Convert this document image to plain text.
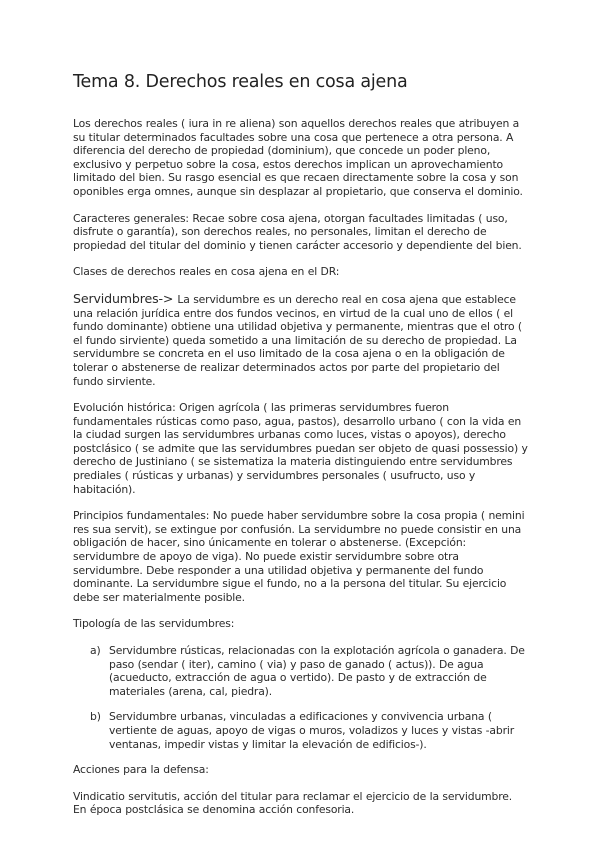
Tema 8. Derechos reales en cosa ajena

Los derechos reales ( iura in re aliena) son aquellos derechos reales que atribuyen a su titular determinados facultades sobre una cosa que pertenece a otra persona. A diferencia del derecho de propiedad (dominium), que concede un poder pleno, exclusivo y perpetuo sobre la cosa, estos derechos implican un aprovechamiento limitado del bien. Su rasgo esencial es que recaen directamente sobre la cosa y son oponibles erga omnes, aunque sin desplazar al propietario, que conserva el dominio.

Caracteres generales: Recae sobre cosa ajena, otorgan facultades limitadas ( uso, disfrute o garantía), son derechos reales, no personales, limitan el derecho de propiedad del titular del dominio y tienen carácter accesorio y dependiente del bien.

Clases de derechos reales en cosa ajena en el DR:

Servidumbres-> La servidumbre es un derecho real en cosa ajena que establece una relación jurídica entre dos fundos vecinos, en virtud de la cual uno de ellos ( el fundo dominante) obtiene una utilidad objetiva y permanente, mientras que el otro ( el fundo sirviente) queda sometido a una limitación de su derecho de propiedad. La servidumbre se concreta en el uso limitado de la cosa ajena o en la obligación de tolerar o abstenerse de realizar determinados actos por parte del propietario del fundo sirviente.

Evolución histórica: Origen agrícola ( las primeras servidumbres fueron fundamentales rústicas como paso, agua, pastos), desarrollo urbano ( con la vida en la ciudad surgen las servidumbres urbanas como luces, vistas o apoyos), derecho postclásico ( se admite que las servidumbres puedan ser objeto de quasi possessio) y derecho de Justiniano ( se sistematiza la materia distinguiendo entre servidumbres prediales ( rústicas y urbanas) y servidumbres personales ( usufructo, uso y habitación).

Principios fundamentales: No puede haber servidumbre sobre la cosa propia ( nemini res sua servit), se extingue por confusión. La servidumbre no puede consistir en una obligación de hacer, sino únicamente en tolerar o abstenerse. (Excepción: servidumbre de apoyo de viga). No puede existir servidumbre sobre otra servidumbre. Debe responder a una utilidad objetiva y permanente del fundo dominante. La servidumbre sigue el fundo, no a la persona del titular. Su ejercicio debe ser materialmente posible.

Tipología de las servidumbres:

a) Servidumbre rústicas, relacionadas con la explotación agrícola o ganadera. De paso (sendar ( iter), camino ( via) y paso de ganado ( actus)). De agua (acueducto, extracción de agua o vertido). De pasto y de extracción de materiales (arena, cal, piedra).
b) Servidumbre urbanas, vinculadas a edificaciones y convivencia urbana ( vertiente de aguas, apoyo de vigas o muros, voladizos y luces y vistas -abrir ventanas, impedir vistas y limitar la elevación de edificios-).

Acciones para la defensa:

Vindicatio servitutis, acción del titular para reclamar el ejercicio de la servidumbre. En época postclásica se denomina acción confesoria.
